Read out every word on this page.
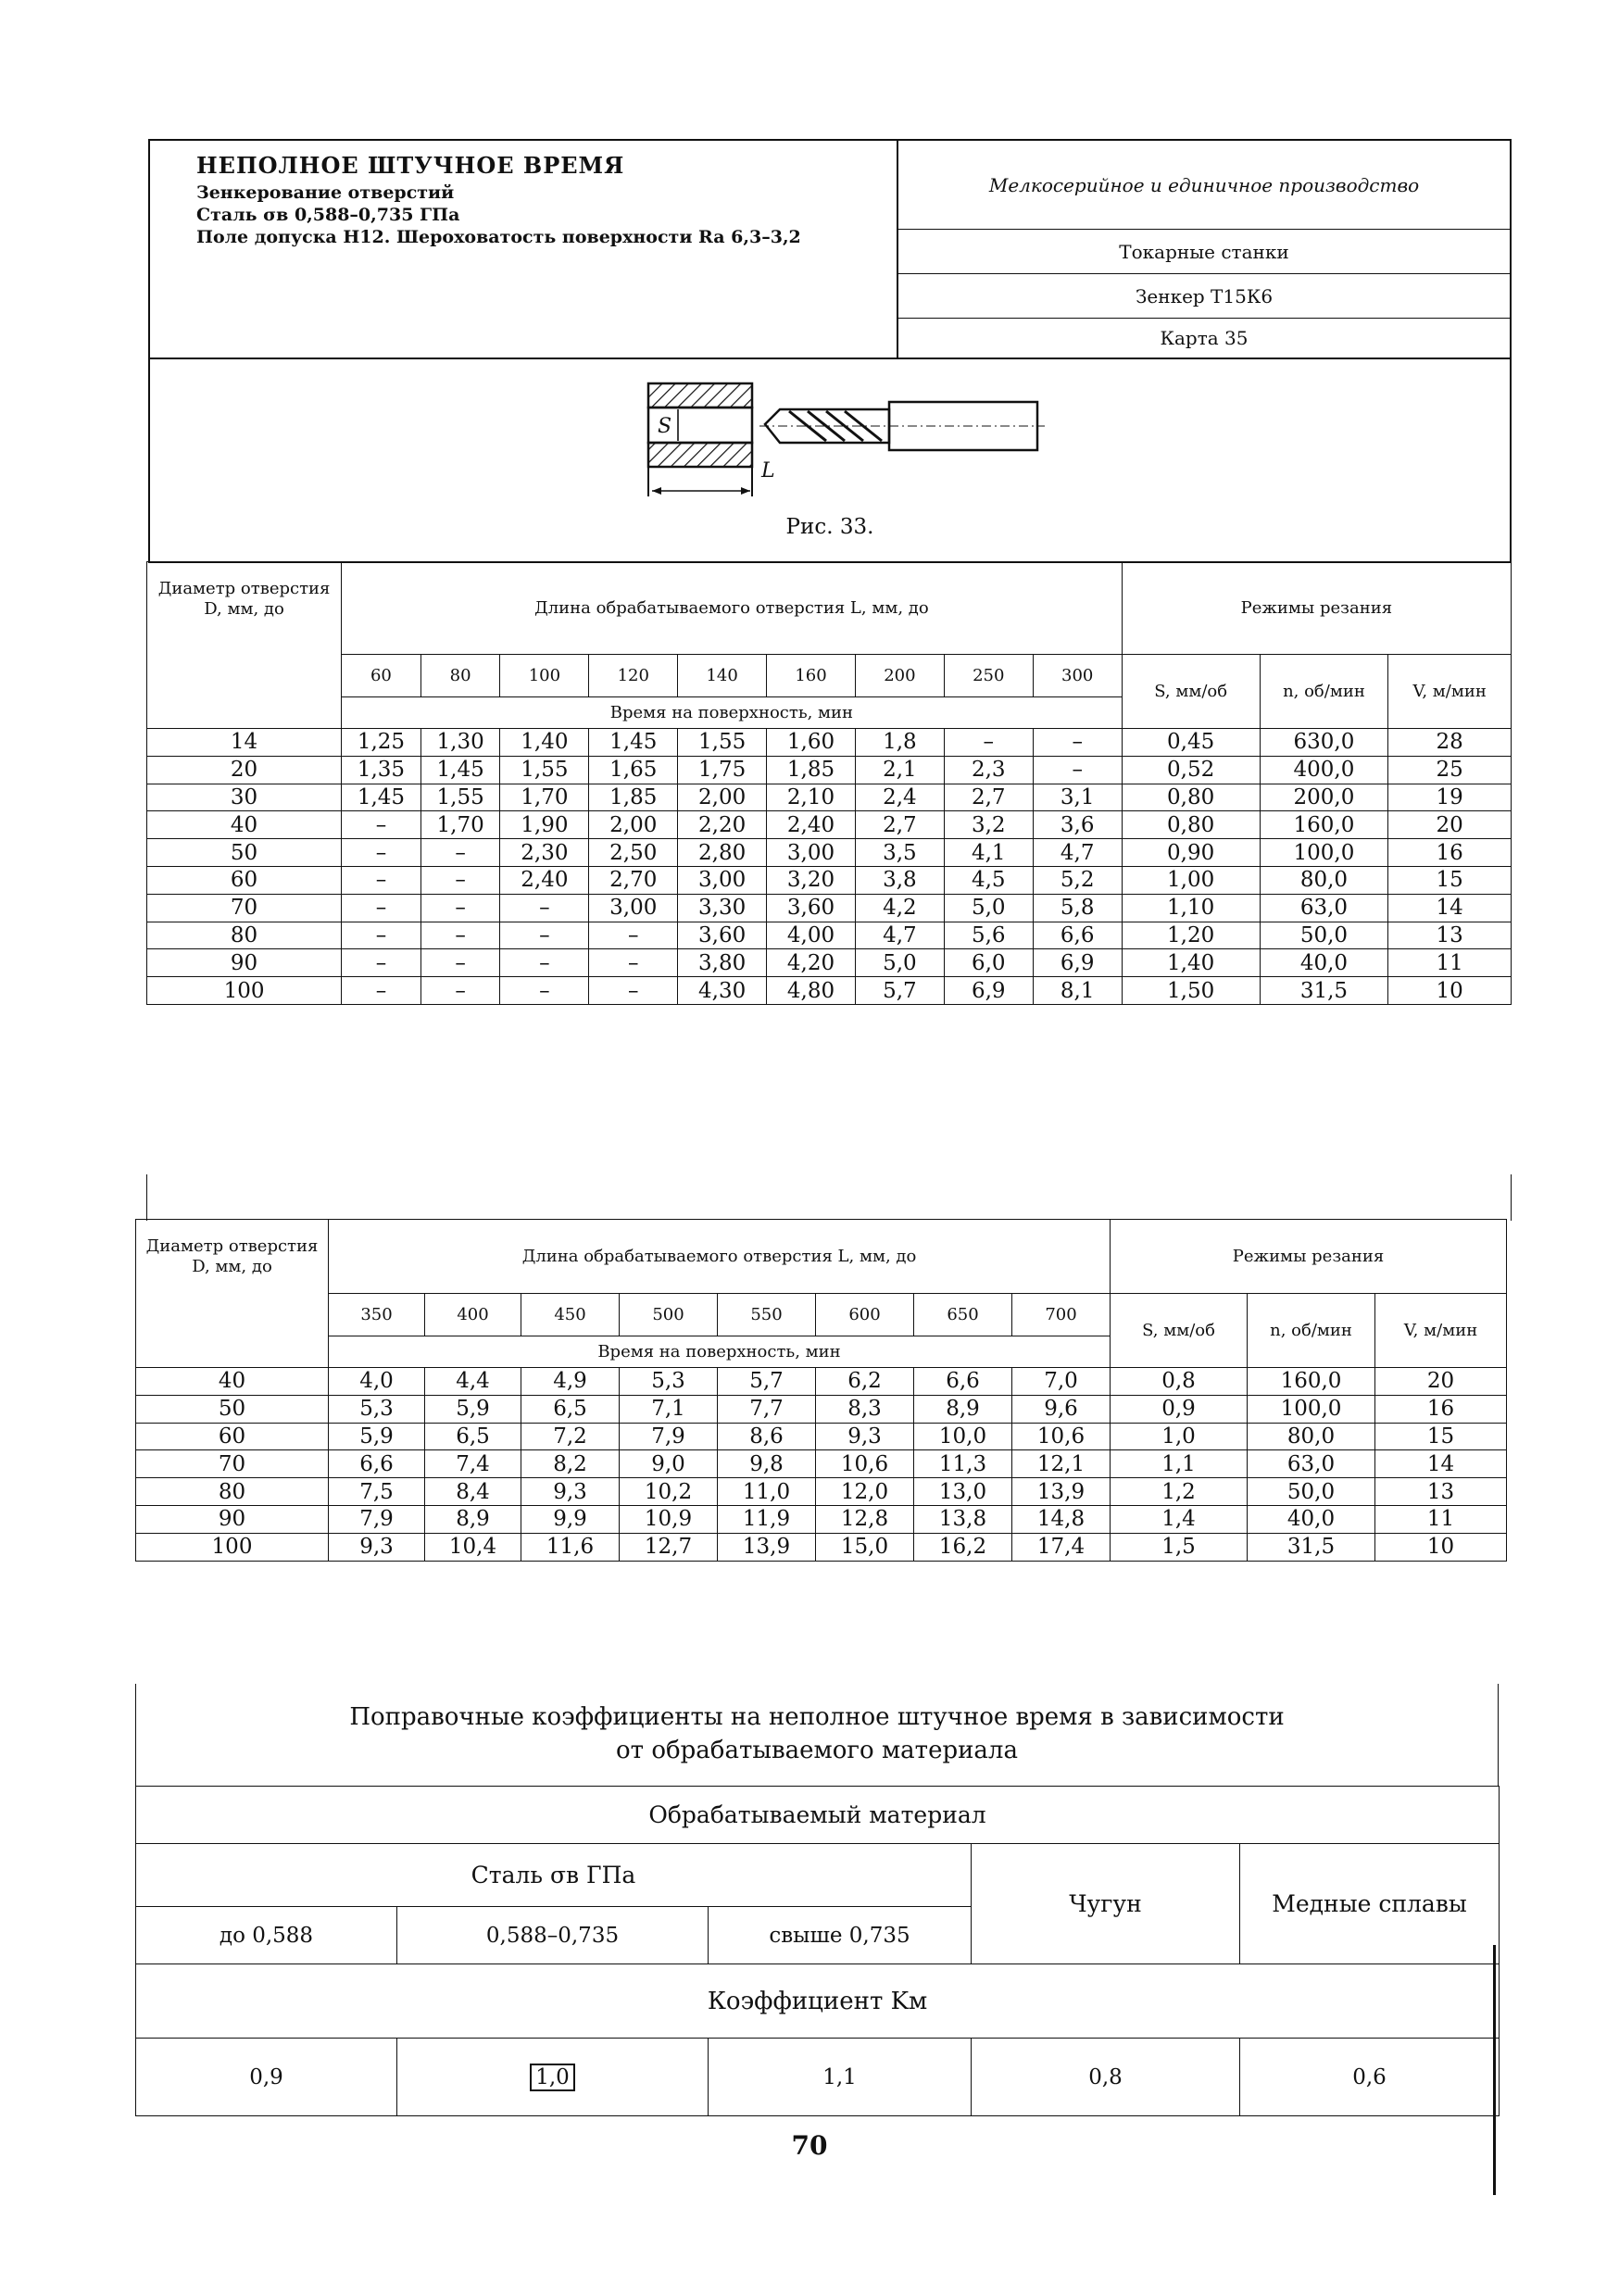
НЕПОЛНОЕ ШТУЧНОЕ ВРЕМЯ
Зенкерование отверстий
Сталь σв 0,588–0,735 ГПа
Поле допуска Н12. Шероховатость поверхности Ra 6,3–3,2
Мелкосерийное и единичное производство
Токарные станки
Зенкер Т15К6
Карта 35
S
L
Рис. 33.
Диаметр отверстия D, мм, до	Длина обрабатываемого отверстия L, мм, до									Режимы резания		
	60	80	100	120	140	160	200	250	300	S, мм/об	n, об/мин	V, м/мин
	Время на поверхность, мин											
14	1,25	1,30	1,40	1,45	1,55	1,60	1,8	–	–	0,45	630,0	28
20	1,35	1,45	1,55	1,65	1,75	1,85	2,1	2,3	–	0,52	400,0	25
30	1,45	1,55	1,70	1,85	2,00	2,10	2,4	2,7	3,1	0,80	200,0	19
40	–	1,70	1,90	2,00	2,20	2,40	2,7	3,2	3,6	0,80	160,0	20
50	–	–	2,30	2,50	2,80	3,00	3,5	4,1	4,7	0,90	100,0	16
60	–	–	2,40	2,70	3,00	3,20	3,8	4,5	5,2	1,00	80,0	15
70	–	–	–	3,00	3,30	3,60	4,2	5,0	5,8	1,10	63,0	14
80	–	–	–	–	3,60	4,00	4,7	5,6	6,6	1,20	50,0	13
90	–	–	–	–	3,80	4,20	5,0	6,0	6,9	1,40	40,0	11
100	–	–	–	–	4,30	4,80	5,7	6,9	8,1	1,50	31,5	10
Диаметр отверстия D, мм, до	Длина обрабатываемого отверстия L, мм, до								Режимы резания		
	350	400	450	500	550	600	650	700	S, мм/об	n, об/мин	V, м/мин
	Время на поверхность, мин										
40	4,0	4,4	4,9	5,3	5,7	6,2	6,6	7,0	0,8	160,0	20
50	5,3	5,9	6,5	7,1	7,7	8,3	8,9	9,6	0,9	100,0	16
60	5,9	6,5	7,2	7,9	8,6	9,3	10,0	10,6	1,0	80,0	15
70	6,6	7,4	8,2	9,0	9,8	10,6	11,3	12,1	1,1	63,0	14
80	7,5	8,4	9,3	10,2	11,0	12,0	13,0	13,9	1,2	50,0	13
90	7,9	8,9	9,9	10,9	11,9	12,8	13,8	14,8	1,4	40,0	11
100	9,3	10,4	11,6	12,7	13,9	15,0	16,2	17,4	1,5	31,5	10
Поправочные коэффициенты на неполное штучное время в зависимости
от обрабатываемого материала
Обрабатываемый материал				
Сталь σв ГПа			Чугун	Медные сплавы
до 0,588	0,588–0,735	свыше 0,735		
Коэффициент Kм				
0,9	1,0	1,1	0,8	0,6
70
